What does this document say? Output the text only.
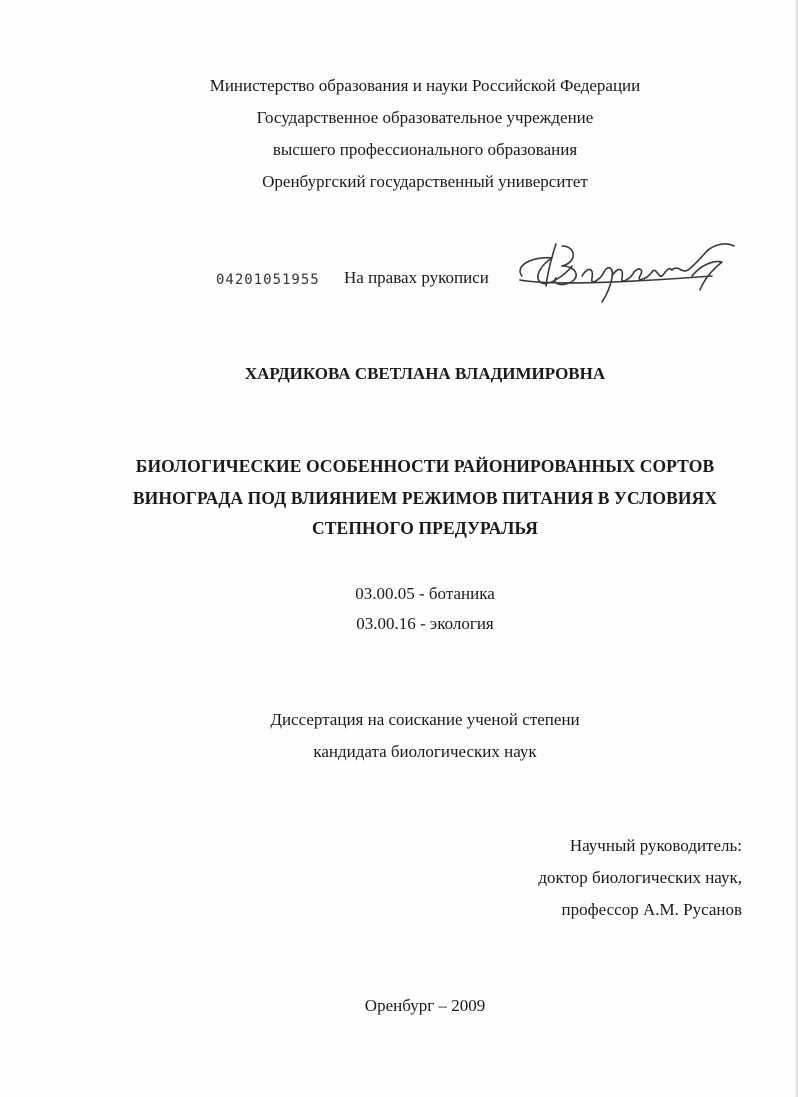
Министерство образования и науки Российской Федерации
Государственное образовательное учреждение
высшего профессионального образования
Оренбургский государственный университет
04201051955 На правах рукописи
ХАРДИКОВА СВЕТЛАНА ВЛАДИМИРОВНА
БИОЛОГИЧЕСКИЕ ОСОБЕННОСТИ РАЙОНИРОВАННЫХ СОРТОВ
ВИНОГРАДА ПОД ВЛИЯНИЕМ РЕЖИМОВ ПИТАНИЯ В УСЛОВИЯХ
СТЕПНОГО ПРЕДУРАЛЬЯ
03.00.05 - ботаника
03.00.16 - экология
Диссертация на соискание ученой степени
кандидата биологических наук
Научный руководитель:
доктор биологических наук,
профессор А.М. Русанов
Оренбург – 2009
